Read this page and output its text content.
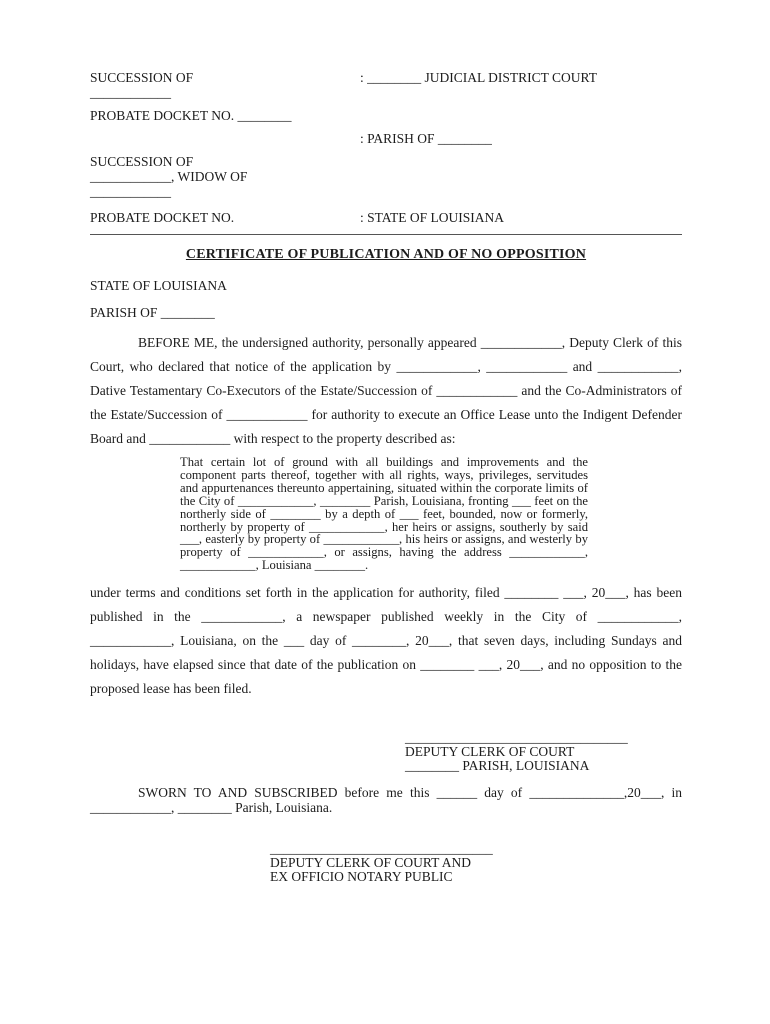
SUCCESSION OF
____________
: ________ JUDICIAL DISTRICT COURT
PROBATE DOCKET NO. ________
: PARISH OF ________
SUCCESSION OF
____________, WIDOW OF
____________
PROBATE DOCKET NO.	: STATE OF LOUISIANA
CERTIFICATE OF PUBLICATION AND OF NO OPPOSITION
STATE OF LOUISIANA
PARISH OF ________
BEFORE ME, the undersigned authority, personally appeared ____________, Deputy Clerk of this Court, who declared that notice of the application by ____________, ____________ and ____________, Dative Testamentary Co-Executors of the Estate/Succession of ____________ and the Co-Administrators of the Estate/Succession of ____________ for authority to execute an Office Lease unto the Indigent Defender Board and ____________ with respect to the property described as:
That certain lot of ground with all buildings and improvements and the component parts thereof, together with all rights, ways, privileges, servitudes and appurtenances thereunto appertaining, situated within the corporate limits of the City of ____________, ________ Parish, Louisiana, fronting ___ feet on the northerly side of ________ by a depth of ___ feet, bounded, now or formerly, northerly by property of ____________, her heirs or assigns, southerly by said ___, easterly by property of ____________, his heirs or assigns, and westerly by property of ____________, or assigns, having the address ____________, ____________, Louisiana ________.
under terms and conditions set forth in the application for authority, filed ________ ___, 20___, has been published in the ____________, a newspaper published weekly in the City of ____________, ____________, Louisiana, on the ___ day of ________, 20___, that seven days, including Sundays and holidays, have elapsed since that date of the publication on ________ ___, 20___, and no opposition to the proposed lease has been filed.
_________________________________
DEPUTY CLERK OF COURT
________ PARISH, LOUISIANA
SWORN TO AND SUBSCRIBED before me this ______ day of ______________,20___, in ____________, ________ Parish, Louisiana.
_________________________________
DEPUTY CLERK OF COURT AND
EX OFFICIO NOTARY PUBLIC
